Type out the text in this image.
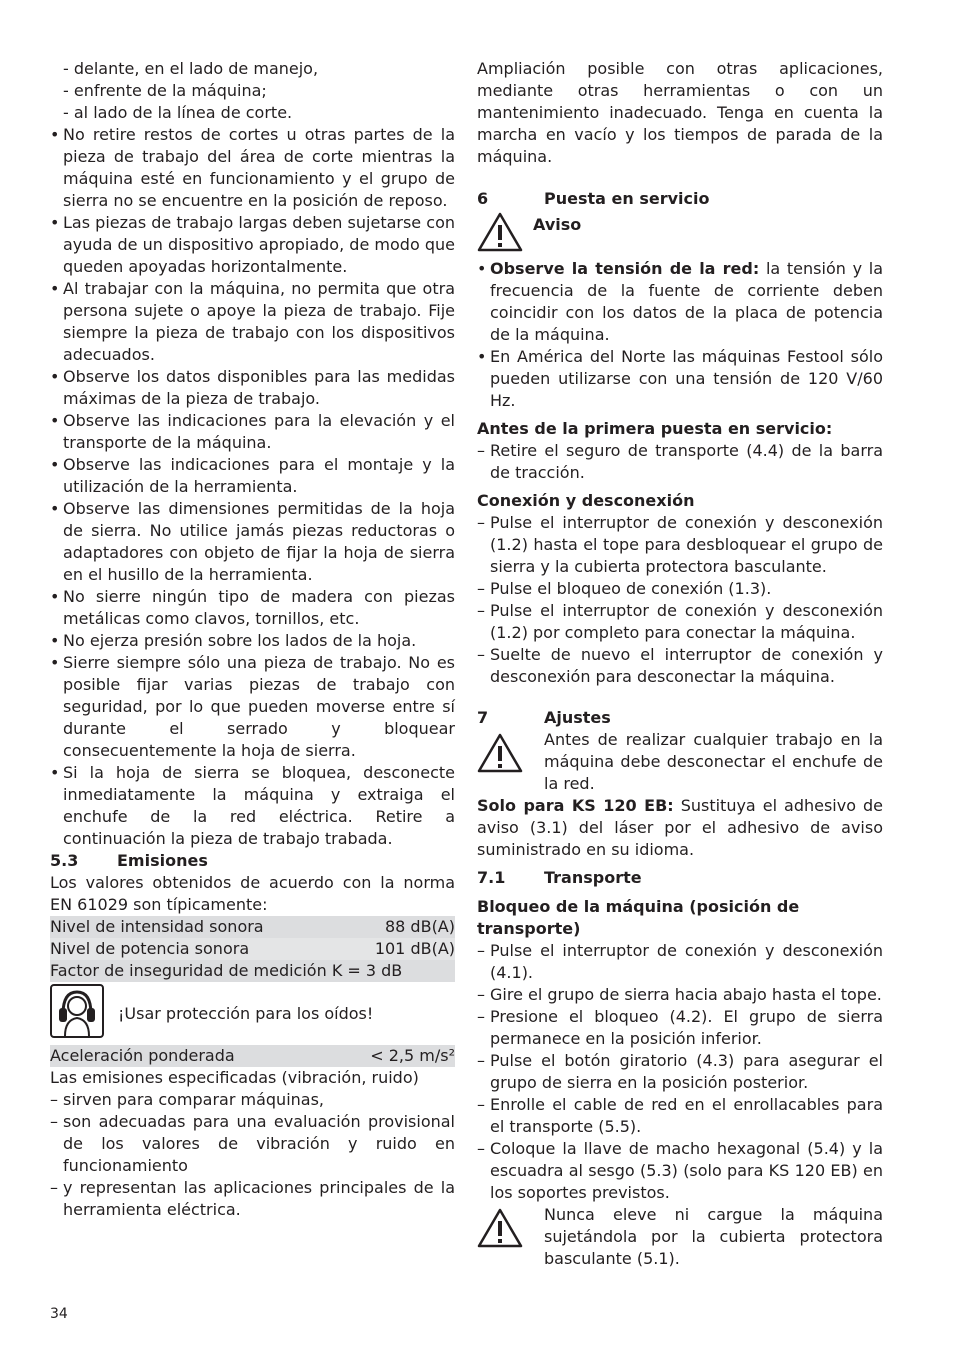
- delante, en el lado de manejo,
- enfrente de la máquina;
- al lado de la línea de corte.
• No retire restos de cortes u otras partes de la pieza de trabajo del área de corte mientras la máquina esté en funcionamiento y el grupo de sierra no se encuentre en la posición de reposo.
• Las piezas de trabajo largas deben sujetarse con ayuda de un dispositivo apropiado, de modo que queden apoyadas horizontalmente.
• Al trabajar con la máquina, no permita que otra persona sujete o apoye la pieza de trabajo. Fije siempre la pieza de trabajo con los dispositivos adecuados.
• Observe los datos disponibles para las medidas máximas de la pieza de trabajo.
• Observe las indicaciones para la elevación y el transporte de la máquina.
• Observe las indicaciones para el montaje y la utilización de la herramienta.
• Observe las dimensiones permitidas de la hoja de sierra. No utilice jamás piezas reductoras o adaptadores con objeto de fijar la hoja de sierra en el husillo de la herramienta.
• No sierre ningún tipo de madera con piezas metálicas como clavos, tornillos, etc.
• No ejerza presión sobre los lados de la hoja.
• Sierre siempre sólo una pieza de trabajo. No es posible fijar varias piezas de trabajo con seguridad, por lo que pueden moverse entre sí durante el serrado y bloquear consecuentemente la hoja de sierra.
• Si la hoja de sierra se bloquea, desconecte inmediatamente la máquina y extraiga el enchufe de la red eléctrica. Retire a continuación la pieza de trabajo trabada.
5.3	Emisiones

Los valores obtenidos de acuerdo con la norma EN 61029 son típicamente:

Nivel de intensidad sonora	88 dB(A)
Nivel de potencia sonora	101 dB(A)
Factor de inseguridad de medición K = 3 dB
¡Usar protección para los oídos!
Aceleración ponderada	< 2,5 m/s²

Las emisiones especificadas (vibración, ruido)

– sirven para comparar máquinas,
– son adecuadas para una evaluación provisional de los valores de vibración y ruido en funcionamiento
– y representan las aplicaciones principales de la herramienta eléctrica.

Ampliación posible con otras aplicaciones, mediante otras herramientas o con un mantenimiento inadecuado. Tenga en cuenta la marcha en vacío y los tiempos de parada de la máquina.

6	Puesta en servicio
Aviso
• Observe la tensión de la red: la tensión y la frecuencia de la fuente de corriente deben coincidir con los datos de la placa de potencia de la máquina.
• En América del Norte las máquinas Festool sólo pueden utilizarse con una tensión de 120 V/60 Hz.
Antes de la primera puesta en servicio:
– Retire el seguro de transporte (4.4) de la barra de tracción.
Conexión y desconexión
– Pulse el interruptor de conexión y desconexión (1.2) hasta el tope para desbloquear el grupo de sierra y la cubierta protectora basculante.
– Pulse el bloqueo de conexión (1.3).
– Pulse el interruptor de conexión y desconexión (1.2) por completo para conectar la máquina.
– Suelte de nuevo el interruptor de conexión y desconexión para desconectar la máquina.
7	Ajustes
Antes de realizar cualquier trabajo en la máquina debe desconectar el enchufe de la red.

Solo para KS 120 EB: Sustituya el adhesivo de aviso (3.1) del láser por el adhesivo de aviso suministrado en su idioma.

7.1	Transporte
Bloqueo de la máquina (posición de transporte)
– Pulse el interruptor de conexión y desconexión (4.1).
– Gire el grupo de sierra hacia abajo hasta el tope.
– Presione el bloqueo (4.2). El grupo de sierra permanece en la posición inferior.
– Pulse el botón giratorio (4.3) para asegurar el grupo de sierra en la posición posterior.
– Enrolle el cable de red en el enrollacables para el transporte (5.5).
– Coloque la llave de macho hexagonal (5.4) y la escuadra al sesgo (5.3) (solo para KS 120 EB) en los soportes previstos.
Nunca eleve ni cargue la máquina sujetándola por la cubierta protectora basculante (5.1).
34
